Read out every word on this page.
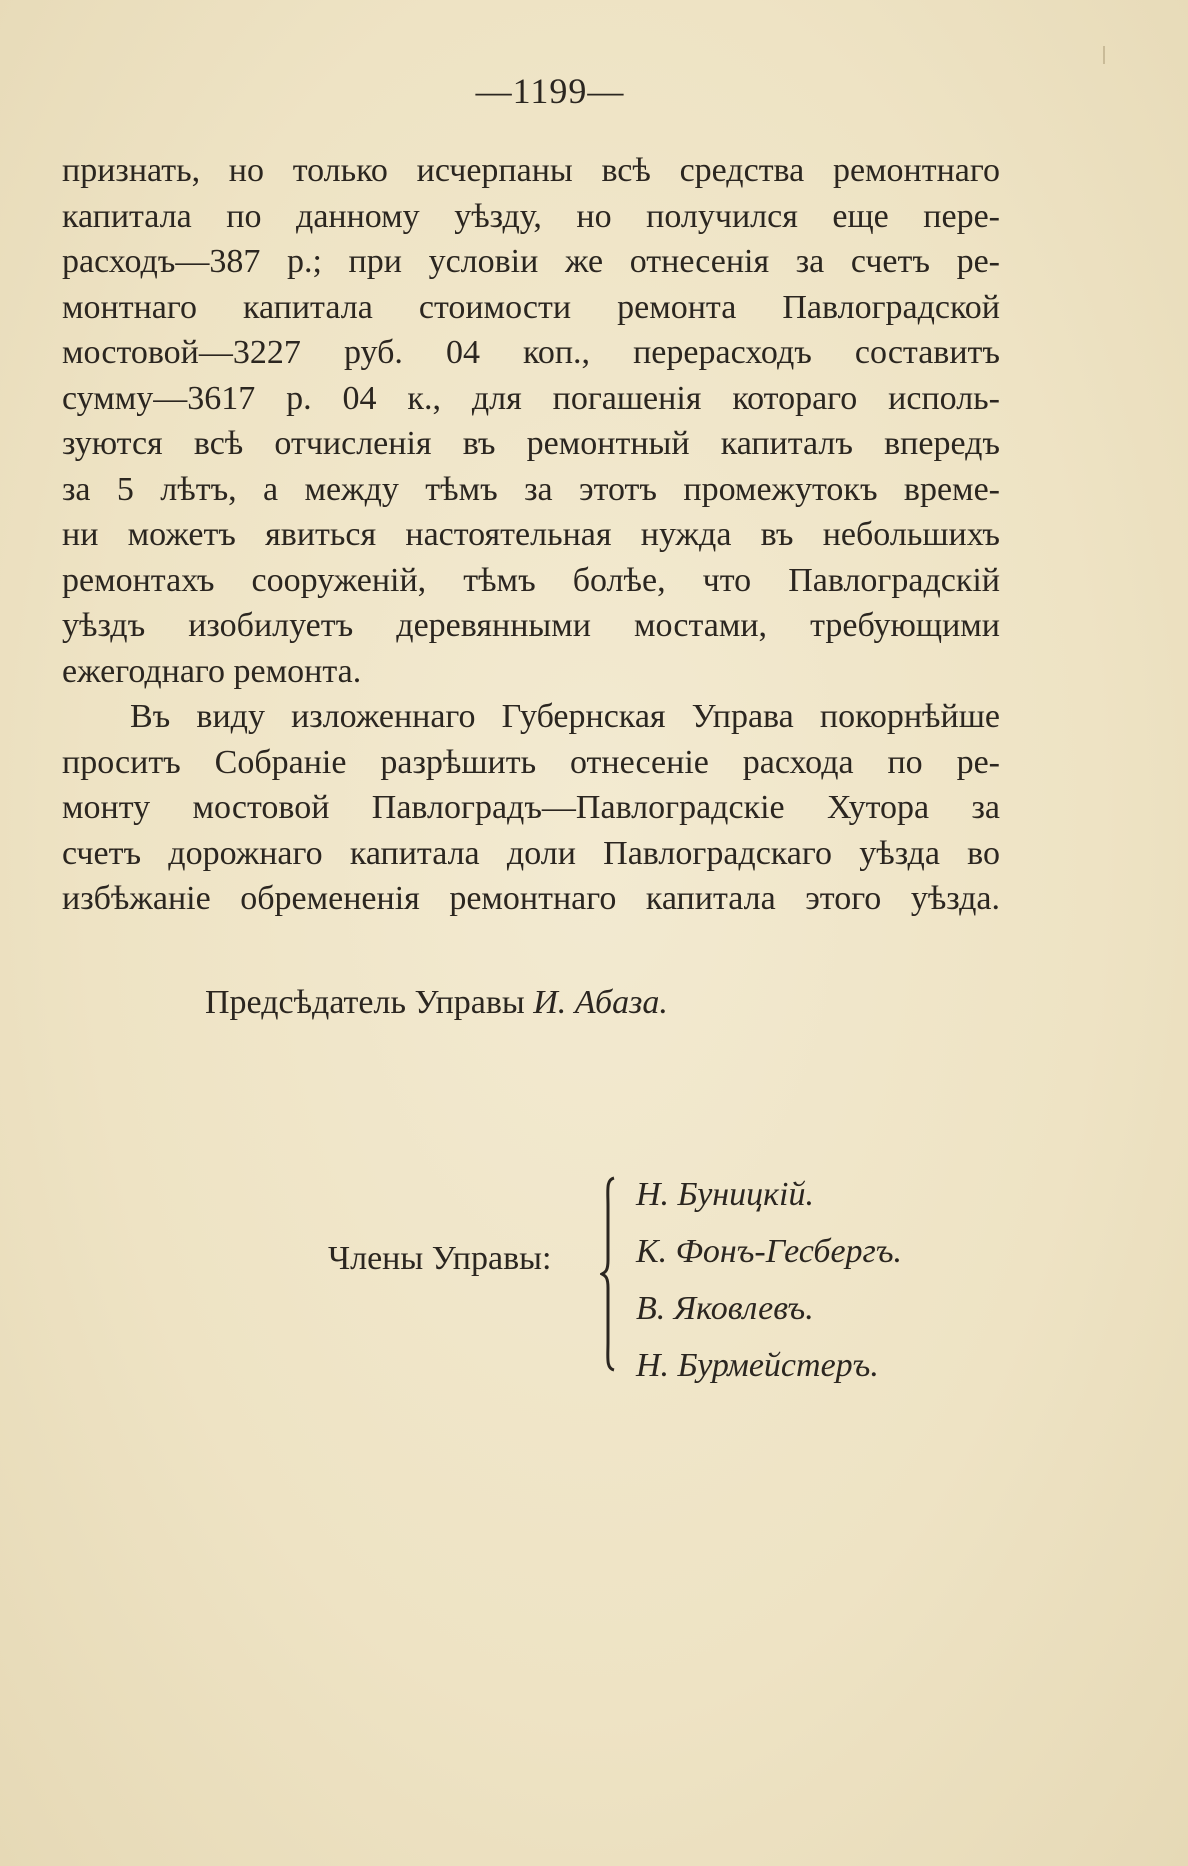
—1199—
признать, но только исчерпаны всѣ средства ремонтнаго
капитала по данному уѣзду, но получился еще пере-
расходъ—387 р.; при условіи же отнесенія за счетъ ре-
монтнаго капитала стоимости ремонта Павлоградской
мостовой—3227 руб. 04 коп., перерасходъ составитъ
сумму—3617 р. 04 к., для погашенія котораго исполь-
зуются всѣ отчисленія въ ремонтный капиталъ впередъ
за 5 лѣтъ, а между тѣмъ за этотъ промежутокъ време-
ни можетъ явиться настоятельная нужда въ небольшихъ
ремонтахъ сооруженій, тѣмъ болѣе, что Павлоградскій
уѣздъ изобилуетъ деревянными мостами, требующими
ежегоднаго ремонта.
Въ виду изложеннаго Губернская Управа покорнѣйше
проситъ Собраніе разрѣшить отнесеніе расхода по ре-
монту мостовой Павлоградъ—Павлоградскіе Хутора за
счетъ дорожнаго капитала доли Павлоградскаго уѣзда во
избѣжаніе обремененія ремонтнаго капитала этого уѣзда.
Предсѣдатель Управы И. Абаза.
Члены Управы:
Н. Буницкій.
К. Фонъ-Гесбергъ.
В. Яковлевъ.
Н. Бурмейстеръ.
